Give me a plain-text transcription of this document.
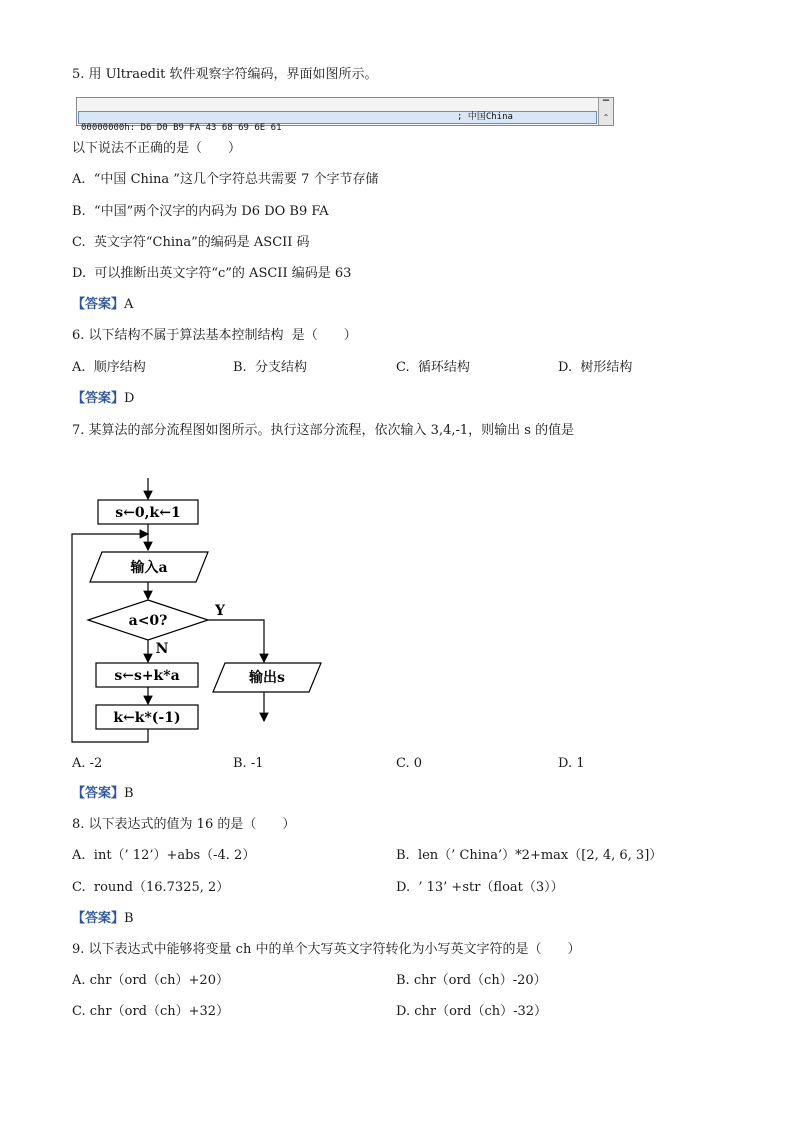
5. 用 Ultraedit 软件观察字符编码，界面如图所示。

00000000h: D6 D0 B9 FA 43 68 69 6E 61

; 中国China

▔
⌃
以下说法不正确的是（　　）
A.  “中国 China ”这几个字符总共需要 7 个字节存储
B.  “中国”两个汉字的内码为 D6 DO B9 FA
C.  英文字符“China”的编码是 ASCII 码
D.  可以推断出英文字符“c”的 ASCII 编码是 63
【答案】A
6. 以下结构不属于算法基本控制结构  是（　　）
A.  顺序结构	B.  分支结构	C.  循环结构	D.  树形结构
【答案】D
7. 某算法的部分流程图如图所示。执行这部分流程，依次输入 3,4,-1，则输出 s 的值是
s←0,k←1
输入a
a<0?
Y
N
s←s+k*a
k←k*(-1)
输出s
A. -2	B. -1	C. 0	D. 1
【答案】B
8. 以下表达式的值为 16 的是（　　）
A.  int（’ 12’）+abs（-4. 2）	B.  len（’ China’）*2+max（[2, 4, 6, 3]）
C.  round（16.7325, 2）	D.  ’ 13’ +str（float（3））
【答案】B
9. 以下表达式中能够将变量 ch 中的单个大写英文字符转化为小写英文字符的是（　　）
A. chr（ord（ch）+20）	B. chr（ord（ch）-20）
C. chr（ord（ch）+32）	D. chr（ord（ch）-32）
